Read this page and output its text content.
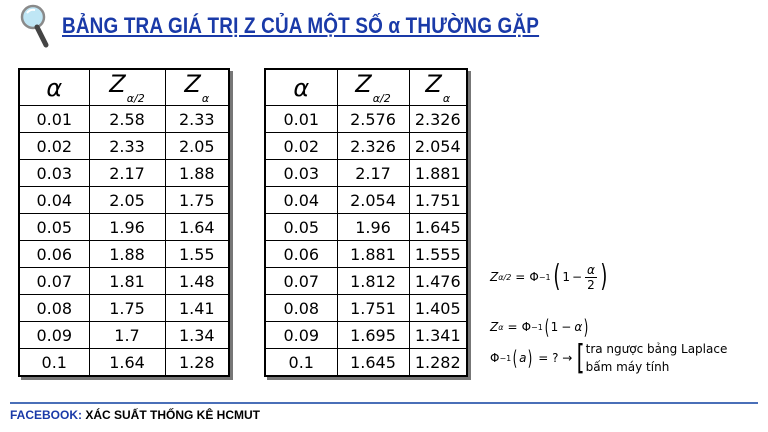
BẢNG TRA GIÁ TRỊ Z CỦA MỘT SỐ α THƯỜNG GẶP
α	$Z_{\alpha/2}$	$Z_\alpha$
0.01	2.58	2.33
0.02	2.33	2.05
0.03	2.17	1.88
0.04	2.05	1.75
0.05	1.96	1.64
0.06	1.88	1.55
0.07	1.81	1.48
0.08	1.75	1.41
0.09	1.7	1.34
0.1	1.64	1.28
α	$Z_{\alpha/2}$	$Z_\alpha$
0.01	2.576	2.326
0.02	2.326	2.054
0.03	2.17	1.881
0.04	2.054	1.751
0.05	1.96	1.645
0.06	1.881	1.555
0.07	1.812	1.476
0.08	1.751	1.405
0.09	1.695	1.341
0.1	1.645	1.282
Z α/2 = Φ −1 ( $1 - \frac{\alpha}{2}$ )
Z α = Φ −1 ( 1 − α )
Φ −1 ( a ) = ? → [ tra ngược bảng Laplace
bấm máy tính
FACEBOOK: XÁC SUẤT THỐNG KÊ HCMUT
